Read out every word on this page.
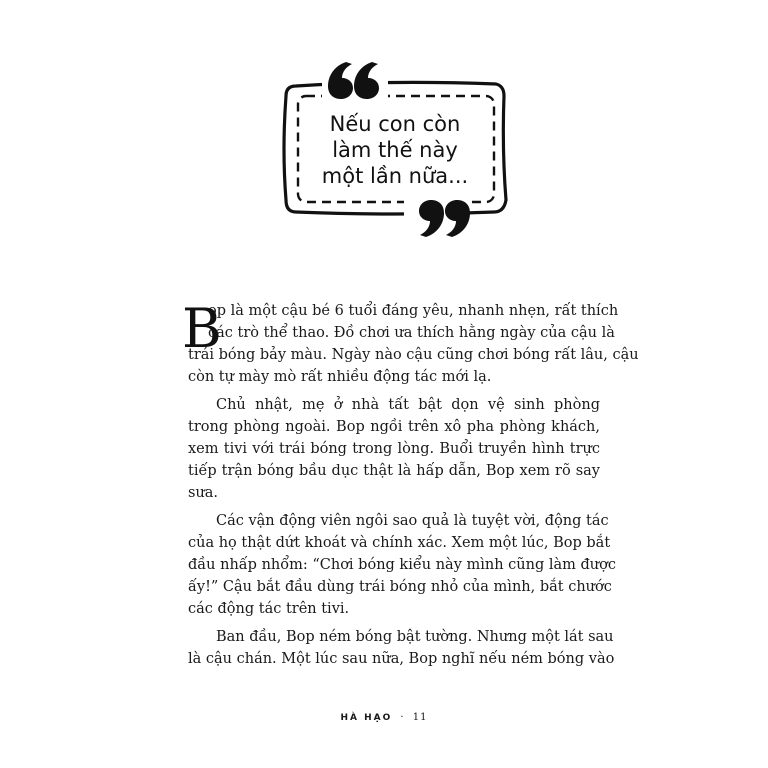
Nếu con còn
làm thế này
một lần nữa...
B
op là một cậu bé 6 tuổi đáng yêu, nhanh nhẹn, rất thích
các trò thể thao. Đồ chơi ưa thích hằng ngày của cậu là
trái bóng bảy màu. Ngày nào cậu cũng chơi bóng rất lâu, cậu
còn tự mày mò rất nhiều động tác mới lạ.
Chủ nhật, mẹ ở nhà tất bật dọn vệ sinh phòng
trong phòng ngoài. Bop ngồi trên xô pha phòng khách,
xem tivi với trái bóng trong lòng. Buổi truyền hình trực
tiếp trận bóng bầu dục thật là hấp dẫn, Bop xem rõ say
sưa.
Các vận động viên ngôi sao quả là tuyệt vời, động tác
của họ thật dứt khoát và chính xác. Xem một lúc, Bop bắt
đầu nhấp nhổm: “Chơi bóng kiểu này mình cũng làm được
ấy!” Cậu bắt đầu dùng trái bóng nhỏ của mình, bắt chước
các động tác trên tivi.
Ban đầu, Bop ném bóng bật tường. Nhưng một lát sau
là cậu chán. Một lúc sau nữa, Bop nghĩ nếu ném bóng vào
HÀ HẠO · 11
